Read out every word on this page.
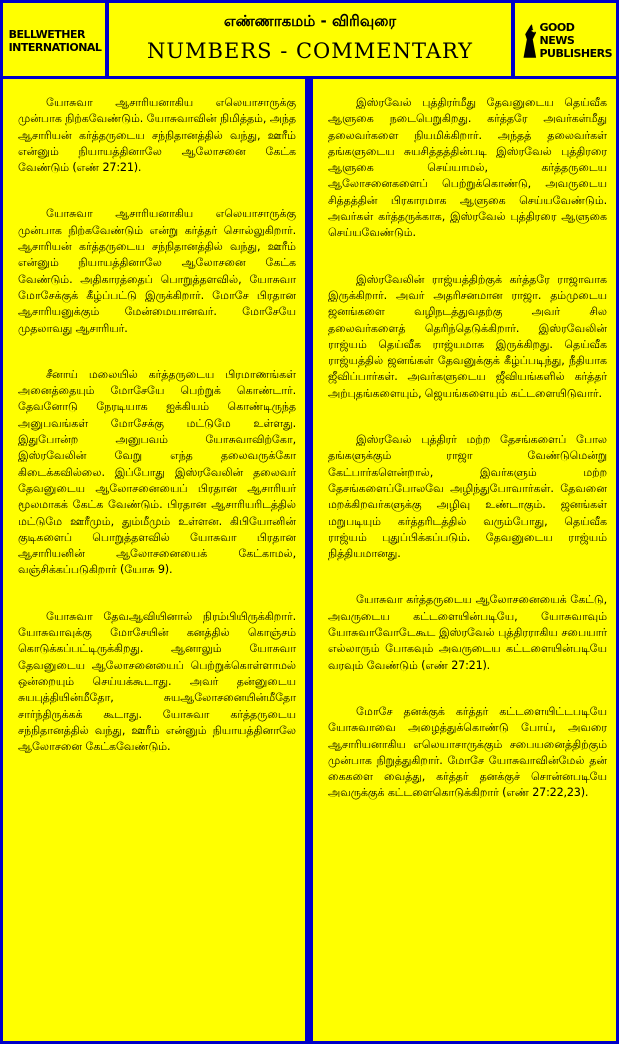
BELLWETHER
INTERNATIONAL
எண்ணாகமம் - விரிவுரை
NUMBERS - COMMENTARY
GOOD NEWS
PUBLISHERS

யோசுவா ஆசாரியனாகிய எலெயாசாருக்கு முன்பாக நிற்கவேண்டும். யோசுவாவின் நிமித்தம், அந்த ஆசாரியன் கர்த்தருடைய சந்நிதானத்தில் வந்து, ஊரீம் என்னும் நியாயத்தினாலே ஆலோசனை கேட்க வேண்டும் (எண் 27:21).

யோசுவா ஆசாரியனாகிய எலெயாசாருக்கு முன்பாக நிற்கவேண்டும் என்று கர்த்தர் சொல்லுகிறார். ஆசாரியன் கர்த்தருடைய சந்நிதானத்தில் வந்து, ஊரீம் என்னும் நியாயத்தினாலே ஆலோசனை கேட்க வேண்டும். அதிகாரத்தைப் பொறுத்தளவில், யோசுவா மோசேக்குக் கீழ்ப்பட்டு இருக்கிறார். மோசே பிரதான ஆசாரியனுக்கும் மேன்மையானவர். மோசேயே முதலாவது ஆசாரியர்.

சீனாய் மலையில் கர்த்தருடைய பிரமாணங்கள் அனைத்தையும் மோசேயே பெற்றுக் கொண்டார். தேவனோடு நேரடியாக ஐக்கியம் கொண்டிருந்த அனுபவங்கள் மோசேக்கு மட்டுமே உள்ளது. இதுபோன்ற அனுபவம் யோசுவாவிற்கோ, இஸ்ரவேலின் வேறு எந்த தலைவருக்கோ கிடைக்கவில்லை. இப்போது இஸ்ரவேலின் தலைவர் தேவனுடைய ஆலோசனையைப் பிரதான ஆசாரியர் மூலமாகக் கேட்க வேண்டும். பிரதான ஆசாரியரிடத்தில் மட்டுமே ஊரீமும், தும்மீமும் உள்ளன. கிபியோனின் குடிகளைப் பொறுத்தளவில் யோசுவா பிரதான ஆசாரியனின் ஆலோசனையைக் கேட்காமல், வஞ்சிக்கப்படுகிறார் (யோசு 9).

யோசுவா தேவஆவியினால் நிரம்பியிருக்கிறார். யோசுவாவுக்கு மோசேயின் கனத்தில் கொஞ்சம் கொடுக்கப்பட்டிருக்கிறது. ஆனாலும் யோசுவா தேவனுடைய ஆலோசனையைப் பெற்றுக்கொள்ளாமல் ஒன்றையும் செய்யக்கூடாது. அவர் தன்னுடைய சுயபுத்தியின்மீதோ, சுயஆலோசனையின்மீதோ சார்ந்திருக்கக் கூடாது. யோசுவா கர்த்தருடைய சந்நிதானத்தில் வந்து, ஊரீம் என்னும் நியாயத்தினாலே ஆலோசனை கேட்கவேண்டும்.

இஸ்ரவேல் புத்திரர்மீது தேவனுடைய தெய்வீக ஆளுகை நடைபெறுகிறது. கர்த்தரே அவர்கள்மீது தலைவர்களை நியமிக்கிறார். அந்தத் தலைவர்கள் தங்களுடைய சுயசித்தத்தின்படி இஸ்ரவேல் புத்திரரை ஆளுகை செய்யாமல், கர்த்தருடைய ஆலோசனைகளைப் பெற்றுக்கொண்டு, அவருடைய சித்தத்தின் பிரகாரமாக ஆளுகை செய்யவேண்டும். அவர்கள் கர்த்தருக்காக, இஸ்ரவேல் புத்திரரை ஆளுகை செய்யவேண்டும்.

இஸ்ரவேலின் ராஜ்யத்திற்குக் கர்த்தரே ராஜாவாக இருக்கிறார். அவர் அதரிசனமான ராஜா. தம்முடைய ஜனங்களை வழிநடத்துவதற்கு அவர் சில தலைவர்களைத் தெரிந்தெடுக்கிறார். இஸ்ரவேலின் ராஜ்யம் தெய்வீக ராஜ்யமாக இருக்கிறது. தெய்வீக ராஜ்யத்தில் ஜனங்கள் தேவனுக்குக் கீழ்ப்படிந்து, நீதியாக ஜீவிப்பார்கள். அவர்களுடைய ஜீவியங்களில் கர்த்தர் அற்புதங்களையும், ஜெயங்களையும் கட்டளையிடுவார்.

இஸ்ரவேல் புத்திரர் மற்ற தேசங்களைப் போல தங்களுக்கும் ராஜா வேண்டுமென்று கேட்பார்களென்றால், இவர்களும் மற்ற தேசங்களைப்போலவே அழிந்துபோவார்கள். தேவனை மறக்கிறவர்களுக்கு அழிவு உண்டாகும். ஜனங்கள் மறுபடியும் கர்த்தரிடத்தில் வரும்போது, தெய்வீக ராஜ்யம் புதுப்பிக்கப்படும். தேவனுடைய ராஜ்யம் நித்தியமானது.

யோசுவா கர்த்தருடைய ஆலோசனையைக் கேட்டு, அவருடைய கட்டளையின்படியே, யோசுவாவும் யோசுவாவோடேகூட இஸ்ரவேல் புத்திரராகிய சபையார் எல்லாரும் போகவும் அவருடைய கட்டளையின்படியே வரவும் வேண்டும் (எண் 27:21).

மோசே தனக்குக் கர்த்தர் கட்டளையிட்டபடியே யோசுவாவை அழைத்துக்கொண்டு போய், அவரை ஆசாரியனாகிய எலெயாசாருக்கும் சபையனைத்திற்கும் முன்பாக நிறுத்துகிறார். மோசே யோசுவாவின்மேல் தன் கைகளை வைத்து, கர்த்தர் தனக்குச் சொன்னபடியே அவருக்குக் கட்டளைகொடுக்கிறார் (எண் 27:22,23).
